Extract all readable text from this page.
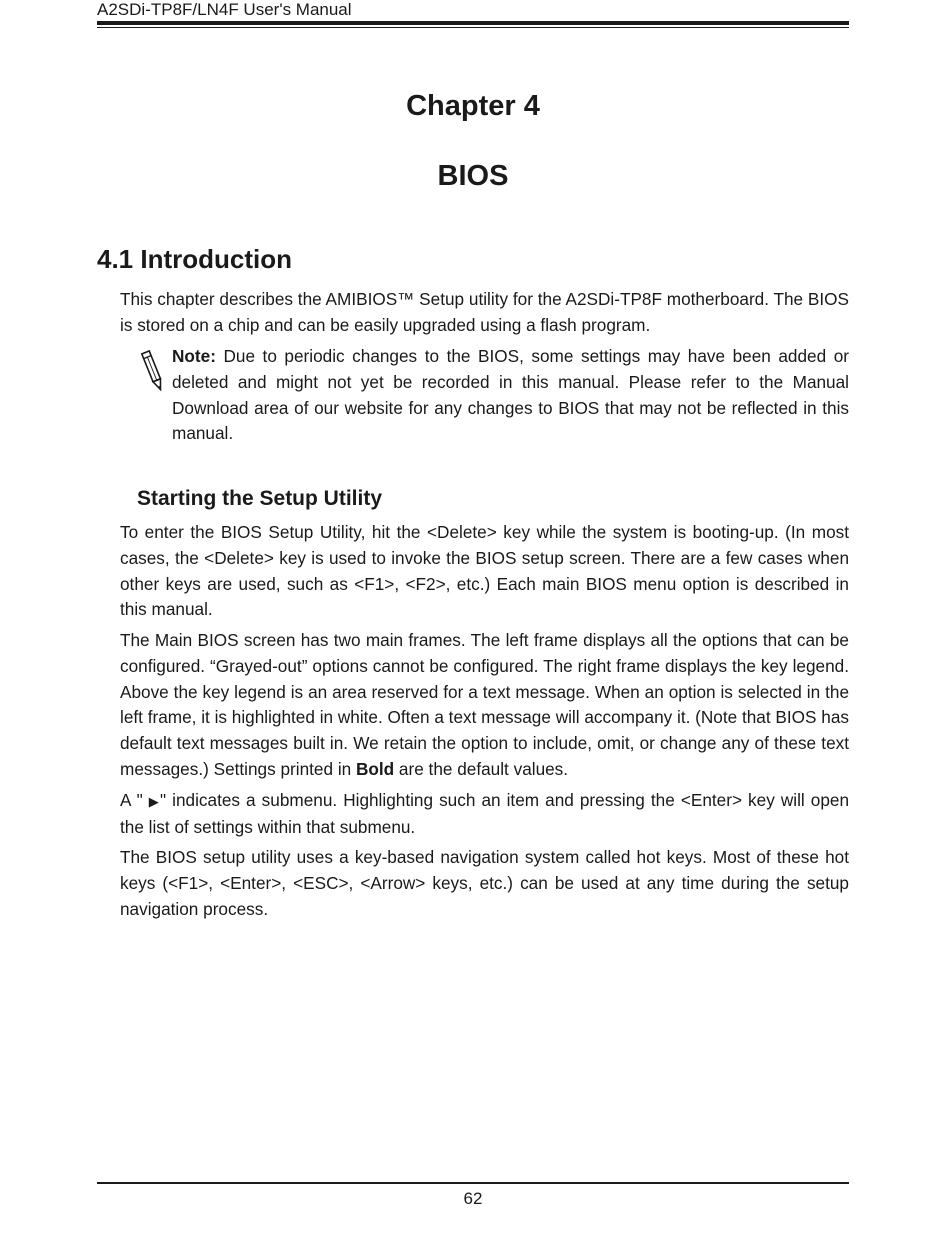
A2SDi-TP8F/LN4F User's Manual
Chapter 4
BIOS
4.1 Introduction

This chapter describes the AMIBIOS™ Setup utility for the A2SDi-TP8F motherboard. The BIOS is stored on a chip and can be easily upgraded using a flash program.

Note: Due to periodic changes to the BIOS, some settings may have been added or deleted and might not yet be recorded in this manual. Please refer to the Manual Download area of our website for any changes to BIOS that may not be reflected in this manual.

Starting the Setup Utility

To enter the BIOS Setup Utility, hit the <Delete> key while the system is booting-up. (In most cases, the <Delete> key is used to invoke the BIOS setup screen. There are a few cases when other keys are used, such as <F1>, <F2>, etc.) Each main BIOS menu option is described in this manual.

The Main BIOS screen has two main frames. The left frame displays all the options that can be configured. “Grayed-out” options cannot be configured. The right frame displays the key legend. Above the key legend is an area reserved for a text message. When an option is selected in the left frame, it is highlighted in white. Often a text message will accompany it. (Note that BIOS has default text messages built in. We retain the option to include, omit, or change any of these text messages.) Settings printed in Bold are the default values.

A " ▶" indicates a submenu. Highlighting such an item and pressing the <Enter> key will open the list of settings within that submenu.

The BIOS setup utility uses a key-based navigation system called hot keys. Most of these hot keys (<F1>, <Enter>, <ESC>, <Arrow> keys, etc.) can be used at any time during the setup navigation process.

62
